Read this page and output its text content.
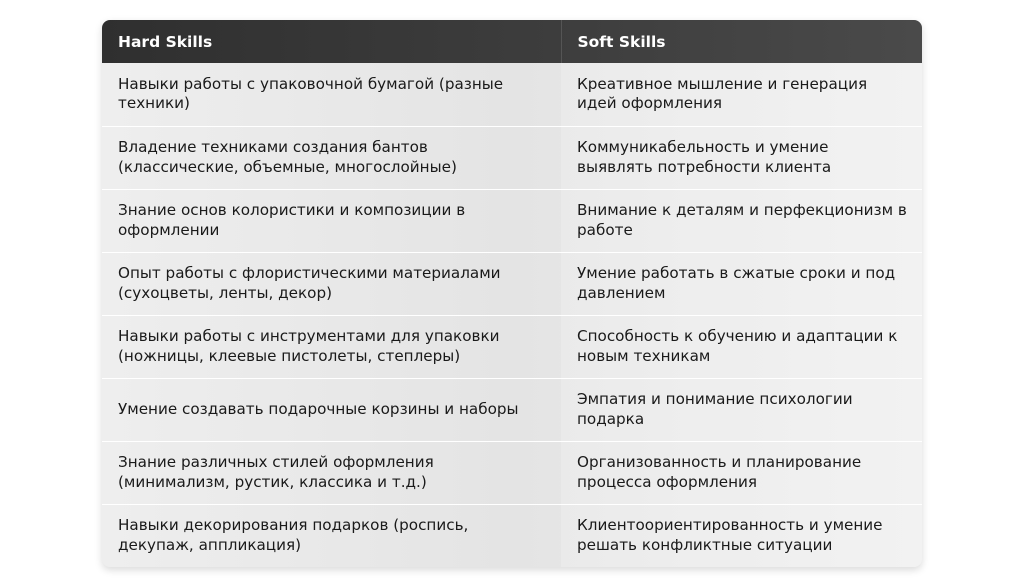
Hard Skills	Soft Skills
Навыки работы с упаковочной бумагой (разные техники)	Креативное мышление и генерация идей оформления
Владение техниками создания бантов (классические, объемные, многослойные)	Коммуникабельность и умение выявлять потребности клиента
Знание основ колористики и композиции в оформлении	Внимание к деталям и перфекционизм в работе
Опыт работы с флористическими материалами (сухоцветы, ленты, декор)	Умение работать в сжатые сроки и под давлением
Навыки работы с инструментами для упаковки (ножницы, клеевые пистолеты, степлеры)	Способность к обучению и адаптации к новым техникам
Умение создавать подарочные корзины и наборы	Эмпатия и понимание психологии подарка
Знание различных стилей оформления (минимализм, рустик, классика и т.д.)	Организованность и планирование процесса оформления
Навыки декорирования подарков (роспись, декупаж, аппликация)	Клиентоориентированность и умение решать конфликтные ситуации
